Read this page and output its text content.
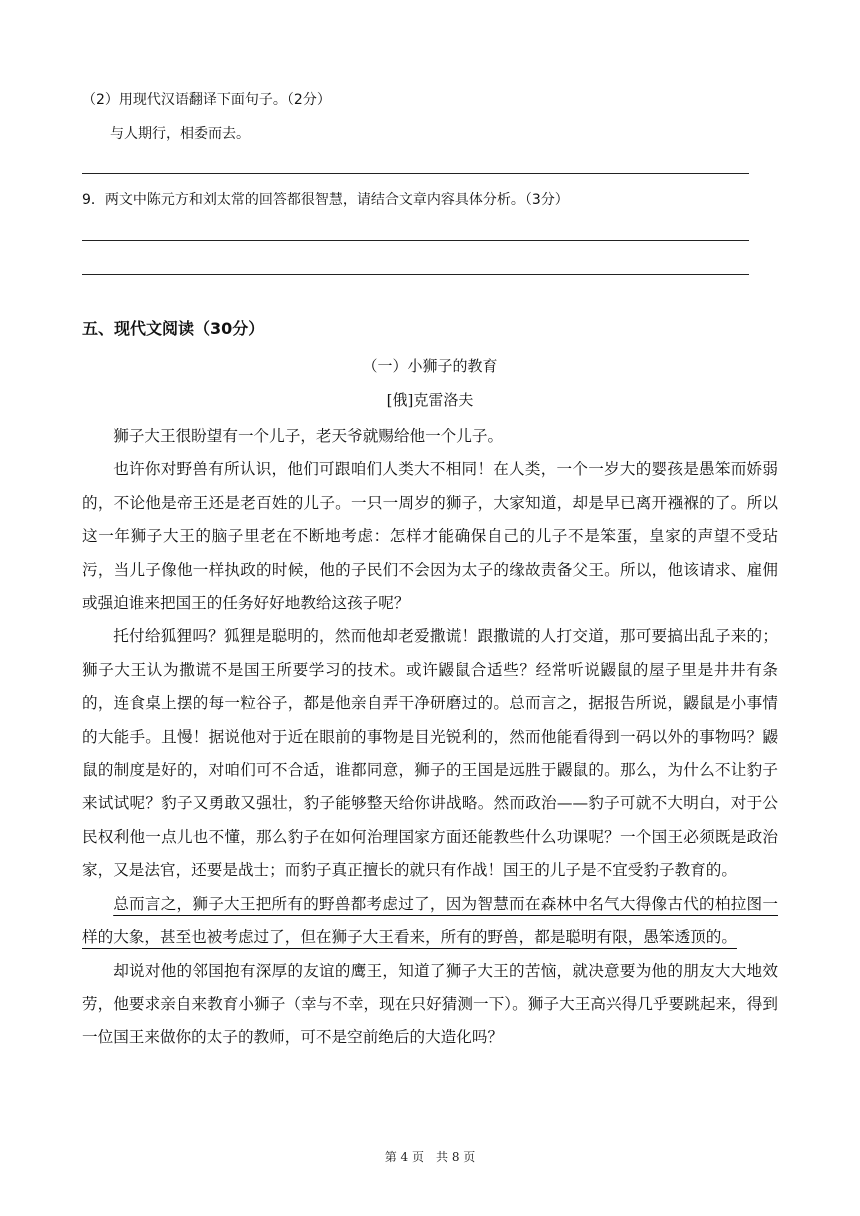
（2）用现代汉语翻译下面句子。（2分）
与人期行，相委而去。
9．两文中陈元方和刘太常的回答都很智慧，请结合文章内容具体分析。（3分）
五、现代文阅读（30分）
（一）小狮子的教育
[俄]克雷洛夫

狮子大王很盼望有一个儿子，老天爷就赐给他一个儿子。

也许你对野兽有所认识，他们可跟咱们人类大不相同！在人类，一个一岁大的婴孩是愚笨而娇弱的，不论他是帝王还是老百姓的儿子。一只一周岁的狮子，大家知道，却是早已离开襁褓的了。所以这一年狮子大王的脑子里老在不断地考虑：怎样才能确保自己的儿子不是笨蛋，皇家的声望不受玷污，当儿子像他一样执政的时候，他的子民们不会因为太子的缘故责备父王。所以，他该请求、雇佣或强迫谁来把国王的任务好好地教给这孩子呢？

托付给狐狸吗？狐狸是聪明的，然而他却老爱撒谎！跟撒谎的人打交道，那可要搞出乱子来的；狮子大王认为撒谎不是国王所要学习的技术。或许鼹鼠合适些？经常听说鼹鼠的屋子里是井井有条的，连食桌上摆的每一粒谷子，都是他亲自弄干净研磨过的。总而言之，据报告所说，鼹鼠是小事情的大能手。且慢！据说他对于近在眼前的事物是目光锐利的，然而他能看得到一码以外的事物吗？鼹鼠的制度是好的，对咱们可不合适，谁都同意，狮子的王国是远胜于鼹鼠的。那么，为什么不让豹子来试试呢？豹子又勇敢又强壮，豹子能够整天给你讲战略。然而政治——豹子可就不大明白，对于公民权利他一点儿也不懂，那么豹子在如何治理国家方面还能教些什么功课呢？一个国王必须既是政治家，又是法官，还要是战士；而豹子真正擅长的就只有作战！国王的儿子是不宜受豹子教育的。

总而言之，狮子大王把所有的野兽都考虑过了，因为智慧而在森林中名气大得像古代的柏拉图一样的大象，甚至也被考虑过了，但在狮子大王看来，所有的野兽，都是聪明有限，愚笨透顶的。

却说对他的邻国抱有深厚的友谊的鹰王，知道了狮子大王的苦恼，就决意要为他的朋友大大地效劳，他要求亲自来教育小狮子（幸与不幸，现在只好猜测一下）。狮子大王高兴得几乎要跳起来，得到一位国王来做你的太子的教师，可不是空前绝后的大造化吗？

第 4 页　共 8 页
